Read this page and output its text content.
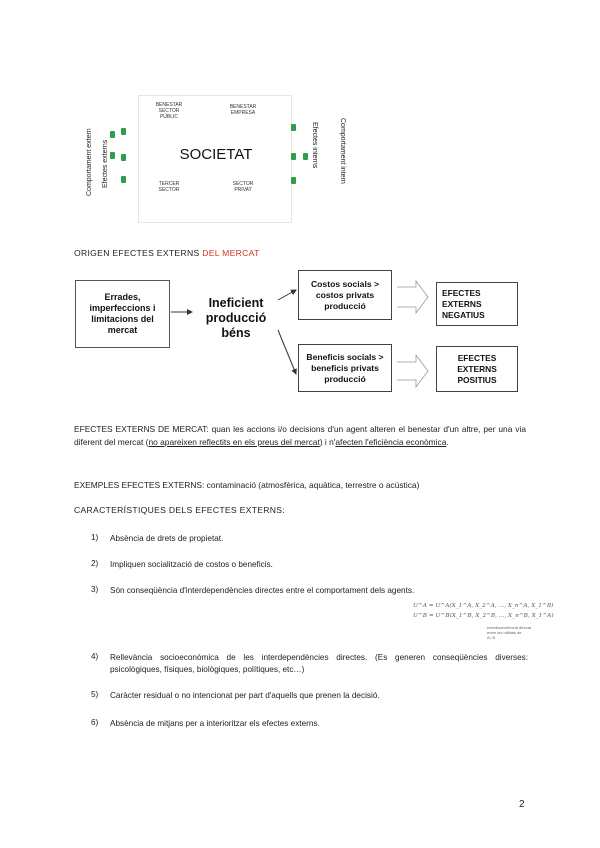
BENESTAR
SECTOR
PÚBLIC
BENESTAR
EMPRESA
SOCIETAT
TERCER
SECTOR
SECTOR
PRIVAT
Comportament extern Efectes externs	Efectes interns	Comportament intern
ORIGEN EFECTES EXTERNS DEL MERCAT
Errades, imperfeccions i limitacions del mercat
Ineficient producció béns
Costos socials > costos privats producció
Beneficis socials > beneficis privats producció
EFECTES EXTERNS NEGATIUS
EFECTES EXTERNS POSITIUS
EFECTES EXTERNS DE MERCAT: quan les accions i/o decisions d'un agent alteren el benestar d'un altre, per una via diferent del mercat (no apareixen reflectits en els preus del mercat) i n'afecten l'eficiència econòmica.
EXEMPLES EFECTES EXTERNS: contaminació (atmosfèrica, aquàtica, terrestre o acústica)
CARACTERÍSTIQUES DELS EFECTES EXTERNS:
1) Absència de drets de propietat.
2) Impliquen socialització de costos o beneficis.
3) Són conseqüència d'interdependències directes entre el comportament dels agents.
4) Rellevància socioeconòmica de les interdependències directes. (Es generen conseqüències diverses: psicològiques, físiques, biològiques, polítiques, etc…)
5) Caràcter residual o no intencionat per part d'aquells que prenen la decisió.
6) Absència de mitjans per a interioritzar els efectes externs.
U^A = U^A(X_1^A, X_2^A, ..., X_n^A, X_1^B)
U^B = U^B(X_1^B, X_2^B, ..., X_n^B, X_1^A)
Interdependència directa
entre les utilitats de
A i B
2
